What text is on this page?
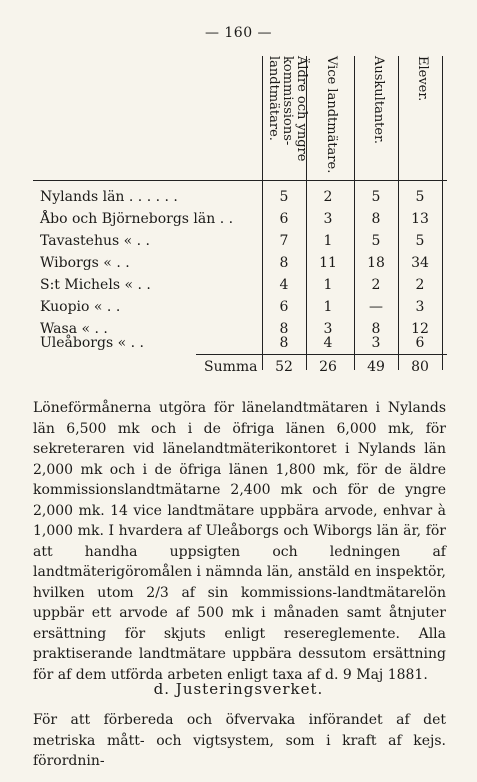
— 160 —
Äldre och yngre
kommissions-
landtmätare.	Vice landtmätare. Auskultanter. Elever.
Nylands län . . . . . .	5	2	5	5
Åbo och Björneborgs län . .	6	3	8	13
Tavastehus « . .	7	1	5	5
Wiborgs « . .	8	11	18	34
S:t Michels « . .	4	1	2	2
Kuopio « . .	6	1	—	3
Wasa « . .	8	3	8	12
Uleåborgs « . .	8	4	3	6
Summa	52	26	49	80
Löneförmånerna utgöra för länelandtmätaren i Nylands län 6,500 mk och i de öfriga länen 6,000 mk, för sekreteraren vid länelandtmäterikontoret i Nylands län 2,000 mk och i de öfriga länen 1,800 mk, för de äldre kommissionslandtmätarne 2,400 mk och för de yngre 2,000 mk. 14 vice landtmätare uppbära arvode, enhvar à 1,000 mk. I hvardera af Uleåborgs och Wiborgs län är, för att handha uppsigten och ledningen af landtmäterigöromålen i nämnda län, anstäld en inspektör, hvilken utom 2/3 af sin kommissions-landtmätarelön uppbär ett arvode af 500 mk i månaden samt åtnjuter ersättning för skjuts enligt resereglemente. Alla praktiserande landtmätare uppbära dessutom ersättning för af dem utförda arbeten enligt taxa af d. 9 Maj 1881.
d. Justeringsverket.
För att förbereda och öfvervaka införandet af det metriska mått- och vigtsystem, som i kraft af kejs. förordnin-
